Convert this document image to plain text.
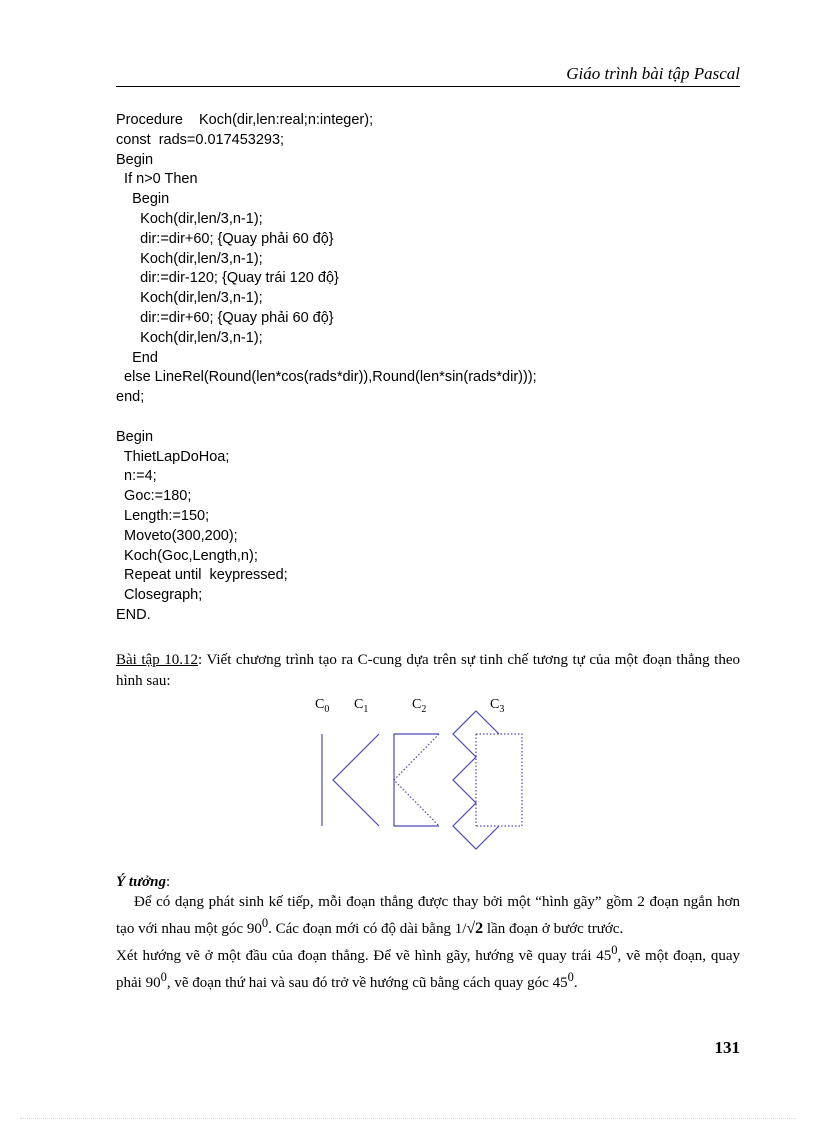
Giáo trình bài tập Pascal
Procedure    Koch(dir,len:real;n:integer);
const  rads=0.017453293;
Begin
If n>0 Then
Begin
Koch(dir,len/3,n-1);
dir:=dir+60; {Quay phải 60 độ}
Koch(dir,len/3,n-1);
dir:=dir-120; {Quay trái 120 độ}
Koch(dir,len/3,n-1);
dir:=dir+60; {Quay phải 60 độ}
Koch(dir,len/3,n-1);
End
else LineRel(Round(len*cos(rads*dir)),Round(len*sin(rads*dir)));
end;
Begin
ThietLapDoHoa;
n:=4;
Goc:=180;
Length:=150;
Moveto(300,200);
Koch(Goc,Length,n);
Repeat until  keypressed;
Closegraph;
END.
Bài tập 10.12: Viết chương trình tạo ra C-cung dựa trên sự tinh chế tương tự của một đoạn thẳng theo hình sau:
$C_0$ $C_1$	$C_2$	$C_3$
Ý tưởng:

Để có dạng phát sinh kế tiếp, mỗi đoạn thẳng được thay bởi một “hình gãy” gồm 2 đoạn ngắn hơn tạo với nhau một góc $90^0$. Các đoạn mới có độ dài bằng 1/√2 lần đoạn ở bước trước.

Xét hướng vẽ ở một đầu của đoạn thẳng. Để vẽ hình gãy, hướng vẽ quay trái $45^0$, vẽ một đoạn, quay phải $90^0$, vẽ đoạn thứ hai và sau đó trở về hướng cũ bằng cách quay góc $45^0$.

131
